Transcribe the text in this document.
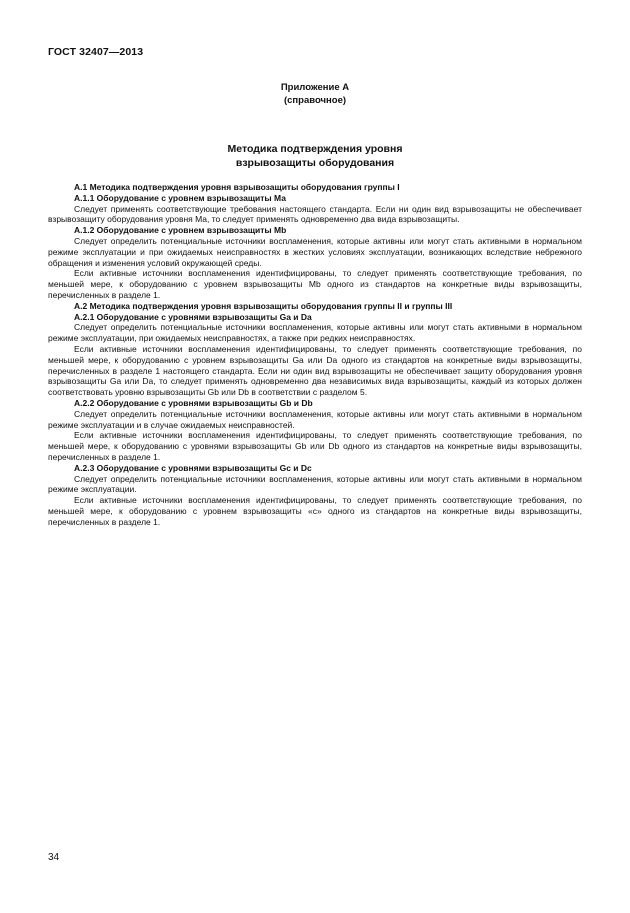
ГОСТ 32407—2013
Приложение А
(справочное)
Методика подтверждения уровня
взрывозащиты оборудования

А.1 Методика подтверждения уровня взрывозащиты оборудования группы I

А.1.1 Оборудование с уровнем взрывозащиты Ма

Следует применять соответствующие требования настоящего стандарта. Если ни один вид взрывозащиты не обеспечивает взрывозащиту оборудования уровня Ма, то следует применять одновременно два вида взрывозащиты.

А.1.2 Оборудование с уровнем взрывозащиты Mb

Следует определить потенциальные источники воспламенения, которые активны или могут стать активными в нормальном режиме эксплуатации и при ожидаемых неисправностях в жестких условиях эксплуатации, возникающих вследствие небрежного обращения и изменения условий окружающей среды.

Если активные источники воспламенения идентифицированы, то следует применять соответствующие требования, по меньшей мере, к оборудованию с уровнем взрывозащиты Mb одного из стандартов на конкретные виды взрывозащиты, перечисленных в разделе 1.

А.2 Методика подтверждения уровня взрывозащиты оборудования группы II и группы III

А.2.1 Оборудование с уровнями взрывозащиты Ga и Da

Следует определить потенциальные источники воспламенения, которые активны или могут стать активными в нормальном режиме эксплуатации, при ожидаемых неисправностях, а также при редких неисправностях.

Если активные источники воспламенения идентифицированы, то следует применять соответствующие требования, по меньшей мере, к оборудованию с уровнем взрывозащиты Ga или Da одного из стандартов на конкретные виды взрывозащиты, перечисленных в разделе 1 настоящего стандарта. Если ни один вид взрывозащиты не обеспечивает защиту оборудования уровня взрывозащиты Ga или Da, то следует применять одновременно два независимых вида взрывозащиты, каждый из которых должен соответствовать уровню взрывозащиты Gb или Db в соответствии с разделом 5.

А.2.2 Оборудование с уровнями взрывозащиты Gb и Db

Следует определить потенциальные источники воспламенения, которые активны или могут стать активными в нормальном режиме эксплуатации и в случае ожидаемых неисправностей.

Если активные источники воспламенения идентифицированы, то следует применять соответствующие требования, по меньшей мере, к оборудованию с уровнями взрывозащиты Gb или Db одного из стандартов на конкретные виды взрывозащиты, перечисленных в разделе 1.

А.2.3 Оборудование с уровнями взрывозащиты Gc и Dc

Следует определить потенциальные источники воспламенения, которые активны или могут стать активными в нормальном режиме эксплуатации.

Если активные источники воспламенения идентифицированы, то следует применять соответствующие требования, по меньшей мере, к оборудованию с уровнем взрывозащиты «с» одного из стандартов на конкретные виды взрывозащиты, перечисленных в разделе 1.

34
